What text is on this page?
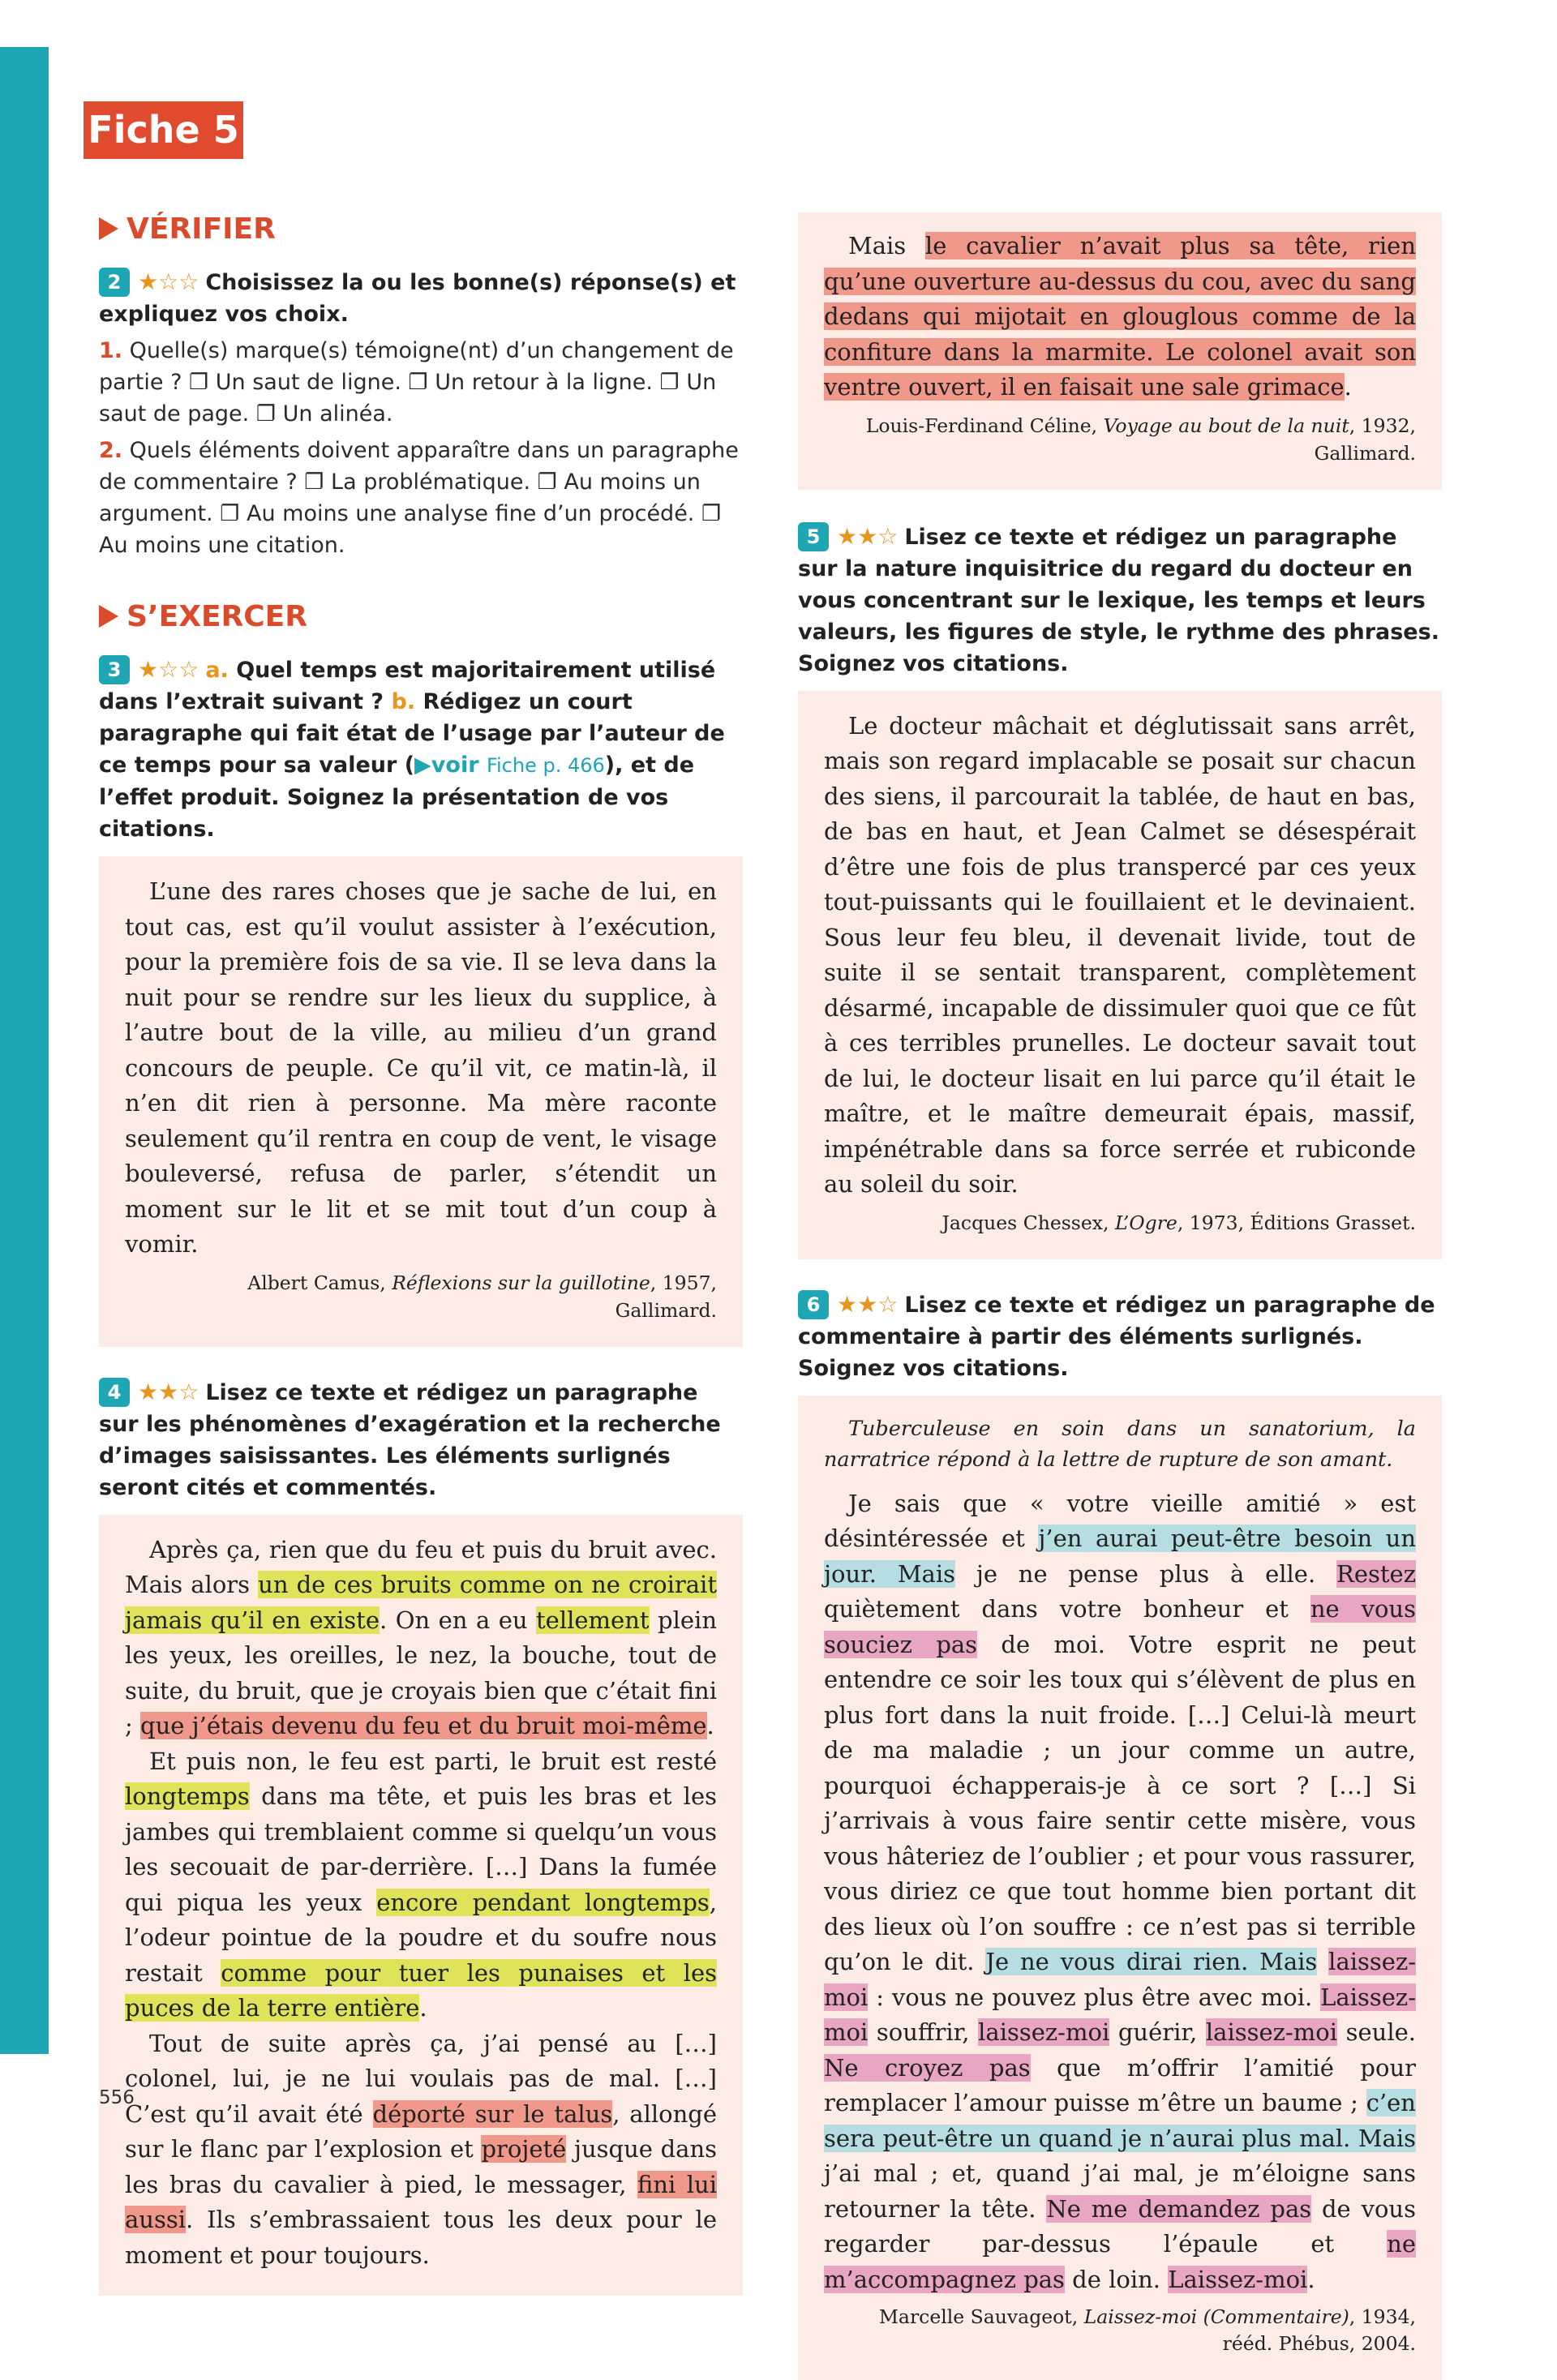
Fiche 5
VÉRIFIER

2 ★☆☆ Choisissez la ou les bonne(s) réponse(s) et expliquez vos choix.

1. Quelle(s) marque(s) témoigne(nt) d’un changement de partie ? ❐ Un saut de ligne. ❐ Un retour à la ligne. ❐ Un saut de page. ❐ Un alinéa.

2. Quels éléments doivent apparaître dans un paragraphe de commentaire ? ❐ La problématique. ❐ Au moins un argument. ❐ Au moins une analyse fine d’un procédé. ❐ Au moins une citation.

S’EXERCER

3 ★☆☆ a. Quel temps est majoritairement utilisé dans l’extrait suivant ? b. Rédigez un court paragraphe qui fait état de l’usage par l’auteur de ce temps pour sa valeur (▶voir Fiche p. 466), et de l’effet produit. Soignez la présentation de vos citations.

L’une des rares choses que je sache de lui, en tout cas, est qu’il voulut assister à l’exécution, pour la première fois de sa vie. Il se leva dans la nuit pour se rendre sur les lieux du supplice, à l’autre bout de la ville, au milieu d’un grand concours de peuple. Ce qu’il vit, ce matin-là, il n’en dit rien à personne. Ma mère raconte seulement qu’il rentra en coup de vent, le visage bouleversé, refusa de parler, s’étendit un moment sur le lit et se mit tout d’un coup à vomir.

Albert Camus, Réflexions sur la guillotine, 1957, Gallimard.

4 ★★☆ Lisez ce texte et rédigez un paragraphe sur les phénomènes d’exagération et la recherche d’images saisissantes. Les éléments surlignés seront cités et commentés.

Après ça, rien que du feu et puis du bruit avec. Mais alors un de ces bruits comme on ne croirait jamais qu’il en existe. On en a eu tellement plein les yeux, les oreilles, le nez, la bouche, tout de suite, du bruit, que je croyais bien que c’était fini ; que j’étais devenu du feu et du bruit moi-même.

Et puis non, le feu est parti, le bruit est resté longtemps dans ma tête, et puis les bras et les jambes qui tremblaient comme si quelqu’un vous les secouait de par-derrière. […] Dans la fumée qui piqua les yeux encore pendant longtemps, l’odeur pointue de la poudre et du soufre nous restait comme pour tuer les punaises et les puces de la terre entière.

Tout de suite après ça, j’ai pensé au […] colonel, lui, je ne lui voulais pas de mal. […] C’est qu’il avait été déporté sur le talus, allongé sur le flanc par l’explosion et projeté jusque dans les bras du cavalier à pied, le messager, fini lui aussi. Ils s’embrassaient tous les deux pour le moment et pour toujours.

Mais le cavalier n’avait plus sa tête, rien qu’une ouverture au-dessus du cou, avec du sang dedans qui mijotait en glouglous comme de la confiture dans la marmite. Le colonel avait son ventre ouvert, il en faisait une sale grimace.

Louis-Ferdinand Céline, Voyage au bout de la nuit, 1932, Gallimard.

5 ★★☆ Lisez ce texte et rédigez un paragraphe sur la nature inquisitrice du regard du docteur en vous concentrant sur le lexique, les temps et leurs valeurs, les figures de style, le rythme des phrases. Soignez vos citations.

Le docteur mâchait et déglutissait sans arrêt, mais son regard implacable se posait sur chacun des siens, il parcourait la tablée, de haut en bas, de bas en haut, et Jean Calmet se désespérait d’être une fois de plus transpercé par ces yeux tout-puissants qui le fouillaient et le devinaient. Sous leur feu bleu, il devenait livide, tout de suite il se sentait transparent, complètement désarmé, incapable de dissimuler quoi que ce fût à ces terribles prunelles. Le docteur savait tout de lui, le docteur lisait en lui parce qu’il était le maître, et le maître demeurait épais, massif, impénétrable dans sa force serrée et rubiconde au soleil du soir.

Jacques Chessex, L’Ogre, 1973, Éditions Grasset.

6 ★★☆ Lisez ce texte et rédigez un paragraphe de commentaire à partir des éléments surlignés. Soignez vos citations.

Tuberculeuse en soin dans un sanatorium, la narratrice répond à la lettre de rupture de son amant.

Je sais que « votre vieille amitié » est désintéressée et j’en aurai peut-être besoin un jour. Mais je ne pense plus à elle. Restez quiètement dans votre bonheur et ne vous souciez pas de moi. Votre esprit ne peut entendre ce soir les toux qui s’élèvent de plus en plus fort dans la nuit froide. […] Celui-là meurt de ma maladie ; un jour comme un autre, pourquoi échapperais-je à ce sort ? […] Si j’arrivais à vous faire sentir cette misère, vous vous hâteriez de l’oublier ; et pour vous rassurer, vous diriez ce que tout homme bien portant dit des lieux où l’on souffre : ce n’est pas si terrible qu’on le dit. Je ne vous dirai rien. Mais laissez-moi : vous ne pouvez plus être avec moi. Laissez-moi souffrir, laissez-moi guérir, laissez-moi seule. Ne croyez pas que m’offrir l’amitié pour remplacer l’amour puisse m’être un baume ; c’en sera peut-être un quand je n’aurai plus mal. Mais j’ai mal ; et, quand j’ai mal, je m’éloigne sans retourner la tête. Ne me demandez pas de vous regarder par-dessus l’épaule et ne m’accompagnez pas de loin. Laissez-moi.

Marcelle Sauvageot, Laissez-moi (Commentaire), 1934,
rééd. Phébus, 2004.

556
